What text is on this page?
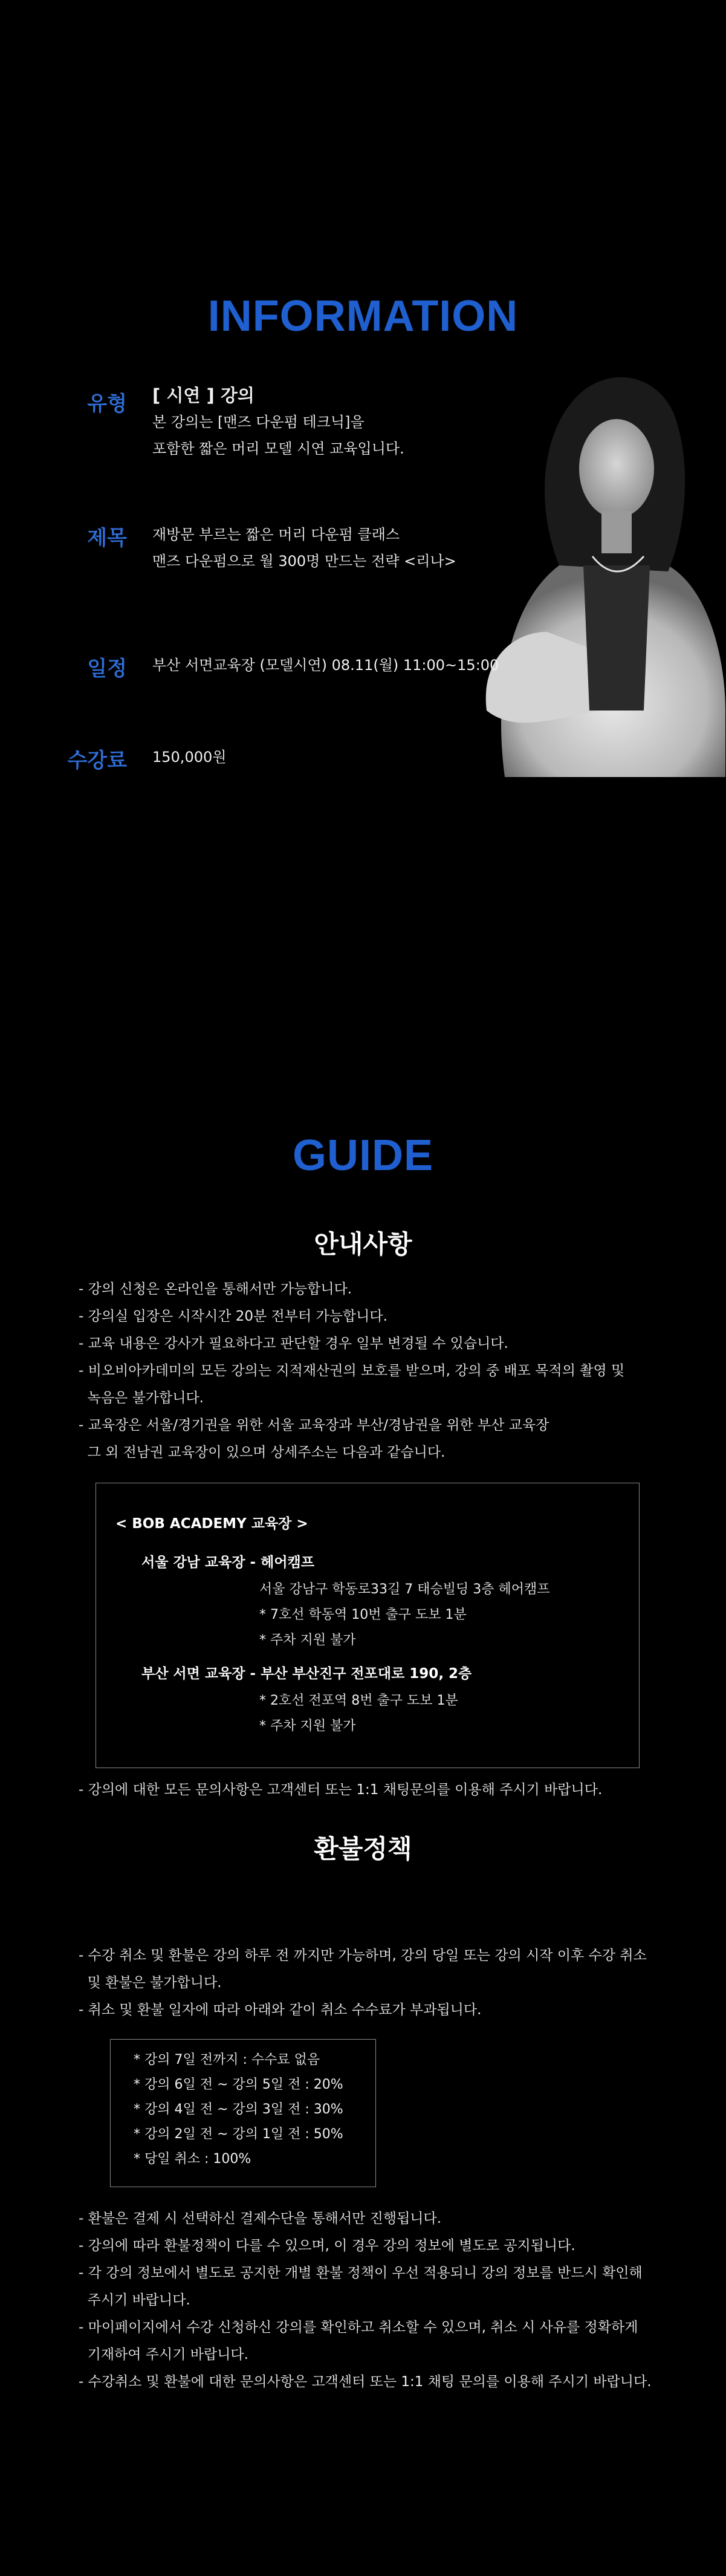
INFORMATION
유형 [ 시연 ] 강의
본 강의는 [맨즈 다운펌 테크닉]을
포함한 짧은 머리 모델 시연 교육입니다.
제목 재방문 부르는 짧은 머리 다운펌 클래스
맨즈 다운펌으로 월 300명 만드는 전략 <리나>
일정 부산 서면교육장 (모델시연) 08.11(월) 11:00~15:00
수강료 150,000원
GUIDE
안내사항
- 강의 신청은 온라인을 통해서만 가능합니다.
- 강의실 입장은 시작시간 20분 전부터 가능합니다.
- 교육 내용은 강사가 필요하다고 판단할 경우 일부 변경될 수 있습니다.
- 비오비아카데미의 모든 강의는 지적재산권의 보호를 받으며, 강의 중 배포 목적의 촬영 및
녹음은 불가합니다.
- 교육장은 서울/경기권을 위한 서울 교육장과 부산/경남권을 위한 부산 교육장
그 외 전남권 교육장이 있으며 상세주소는 다음과 같습니다.
< BOB ACADEMY 교육장 >
서울 강남 교육장 - 헤어캠프
서울 강남구 학동로33길 7 태승빌딩 3층 헤어캠프
* 7호선 학동역 10번 출구 도보 1분
* 주차 지원 불가
부산 서면 교육장 - 부산 부산진구 전포대로 190, 2층
* 2호선 전포역 8번 출구 도보 1분
* 주차 지원 불가
- 강의에 대한 모든 문의사항은 고객센터 또는 1:1 채팅문의를 이용해 주시기 바랍니다.
환불정책
- 수강 취소 및 환불은 강의 하루 전 까지만 가능하며, 강의 당일 또는 강의 시작 이후 수강 취소
및 환불은 불가합니다.
- 취소 및 환불 일자에 따라 아래와 같이 취소 수수료가 부과됩니다.
* 강의 7일 전까지 : 수수료 없음
* 강의 6일 전 ~ 강의 5일 전 : 20%
* 강의 4일 전 ~ 강의 3일 전 : 30%
* 강의 2일 전 ~ 강의 1일 전 : 50%
* 당일 취소 : 100%
- 환불은 결제 시 선택하신 결제수단을 통해서만 진행됩니다.
- 강의에 따라 환불정책이 다를 수 있으며, 이 경우 강의 정보에 별도로 공지됩니다.
- 각 강의 정보에서 별도로 공지한 개별 환불 정책이 우선 적용되니 강의 정보를 반드시 확인해
주시기 바랍니다.
- 마이페이지에서 수강 신청하신 강의를 확인하고 취소할 수 있으며, 취소 시 사유를 정확하게
기재하여 주시기 바랍니다.
- 수강취소 및 환불에 대한 문의사항은 고객센터 또는 1:1 채팅 문의를 이용해 주시기 바랍니다.
